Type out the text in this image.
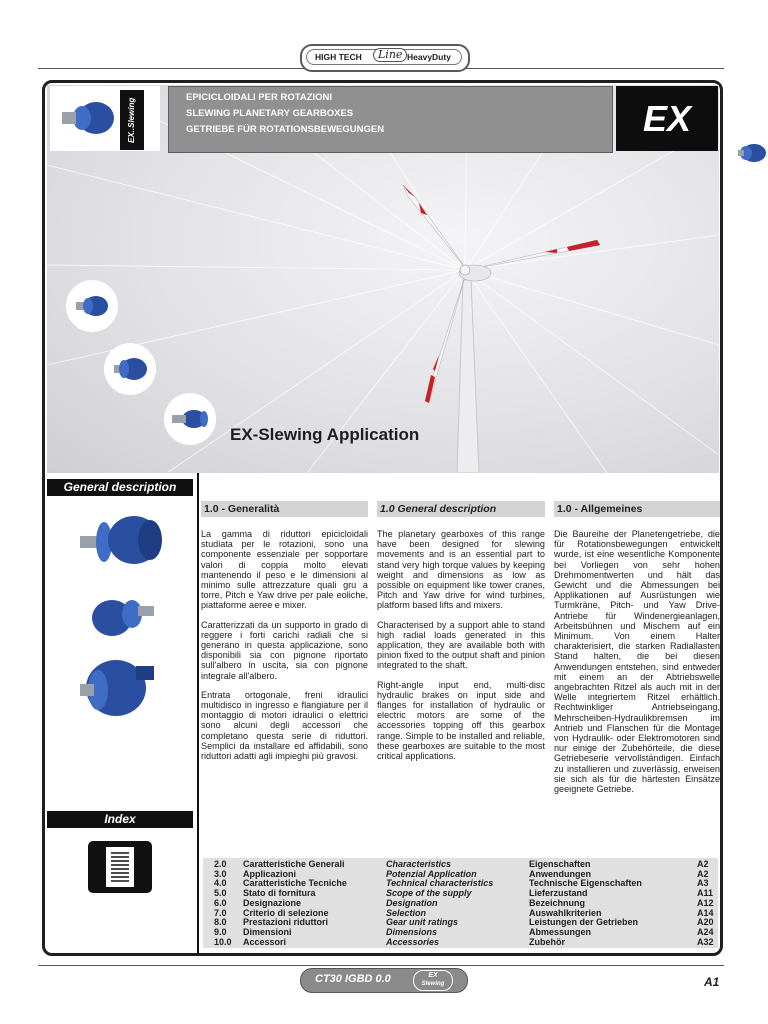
HIGH TECH	Line HeavyDuty
EX..Slewing	EPICICLOIDALI PER ROTAZIONI
SLEWING PLANETARY GEARBOXES
GETRIEBE FÜR ROTATIONSBEWEGUNGEN	EX
EX-Slewing Application
General description
Index
1.0 - Generalità

La gamma di riduttori epicicloidali studiata per le rotazioni, sono una componente essenziale per sopportare valori di coppia molto elevati mantenendo il peso e le dimensioni al minimo sulle attrezzature quali gru a torre, Pitch e Yaw drive per pale eoliche, piattaforme aeree e mixer.

Caratterizzati da un supporto in grado di reggere i forti carichi radiali che si generano in questa applicazione, sono disponibili sia con pignone riportato sull'albero in uscita, sia con pignone integrale all'albero.

Entrata ortogonale, freni idraulici multidisco in ingresso e flangiature per il montaggio di motori idraulici o elettrici sono alcuni degli accessori che completano questa serie di riduttori. Semplici da installare ed affidabili, sono riduttori adatti agli impieghi più gravosi.

1.0 General description

The planetary gearboxes of this range have been designed for slewing movements and is an essential part to stand very high torque values by keeping weight and dimensions as low as possible on equipment like tower cranes, Pitch and Yaw drive for wind turbines, platform based lifts and mixers.

Characterised by a support able to stand high radial loads generated in this application, they are available both with pinion fixed to the output shaft and pinion integrated to the shaft.

Right-angle input end, multi-disc hydraulic brakes on input side and flanges for installation of hydraulic or electric motors are some of the accessories topping off this gearbox range. Simple to be installed and reliable, these gearboxes are suitable to the most critical applications.

1.0 - Allgemeines

Die Baureihe der Planetengetriebe, die für Rotationsbewegungen entwickelt wurde, ist eine wesentliche Komponente bei Vorliegen von sehr hohen Drehmomentwerten und hält das Gewicht und die Abmessungen bei Applikationen auf Ausrüstungen wie Turmkräne, Pitch- und Yaw Drive-Antriebe für Windenergieanlagen, Arbeitsbühnen und Mischern auf ein Minimum. Von einem Halter charakterisiert, die starken Radiallasten Stand halten, die bei diesen Anwendungen entstehen, sind entweder mit einem an der Abtriebswelle angebrachten Ritzel als auch mit in der Welle integriertem Ritzel erhältlich. Rechtwinkliger Antriebseingang, Mehrscheiben-Hydraulikbremsen im Antrieb und Flanschen für die Montage von Hydraulik- oder Elektromotoren sind nur einige der Zubehörteile, die diese Getriebeserie vervollständigen. Einfach zu installieren und zuverlässig, erweisen sie sich als für die härtesten Einsätze geeignete Getriebe.

2.0 Caratteristiche Generali	Characteristics	Eigenschaften	A2
3.0 Applicazioni	Potenzial Application	Anwendungen	A2
4.0 Caratteristiche Tecniche	Technical characteristics	Technische Eigenschaften	A3
5.0 Stato di fornitura	Scope of the supply	Lieferzustand	A11
6.0 Designazione	Designation	Bezeichnung	A12
7.0 Criterio di selezione	Selection	Auswahlkriterien	A14
8.0 Prestazioni riduttori	Gear unit ratings	Leistungen der Getrieben	A20
9.0 Dimensioni	Dimensions	Abmessungen	A24
10.0 Accessori	Accessories	Zubehör	A32
CT30 IGBD 0.0	EX
Slewing	A1
